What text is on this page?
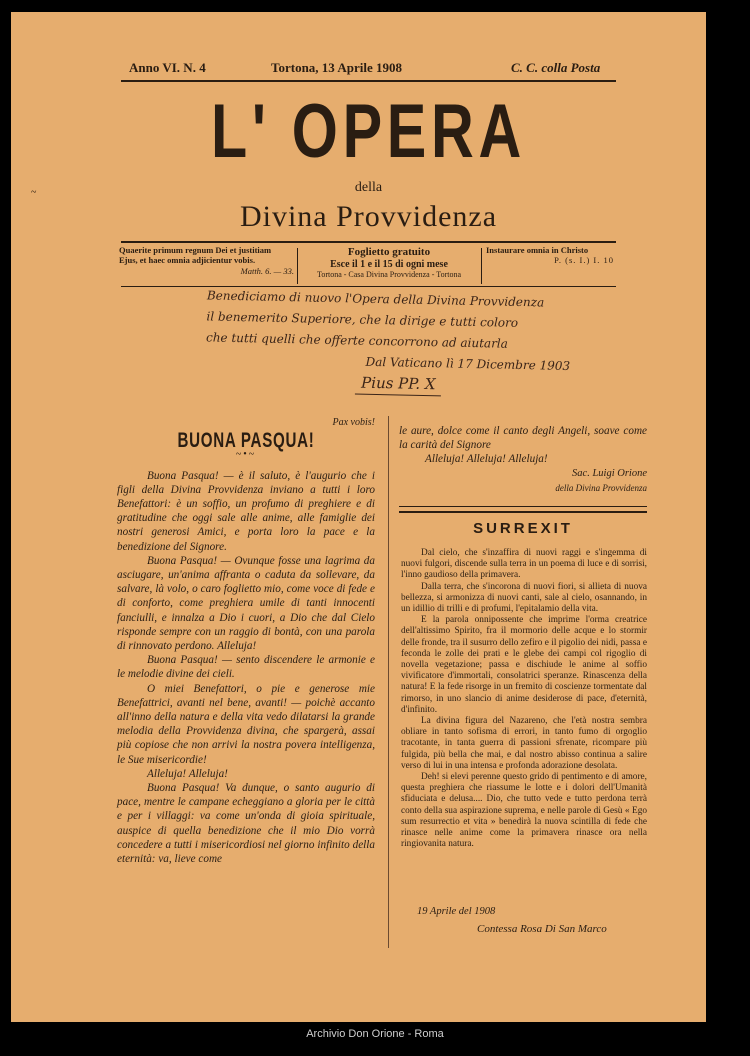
~
Anno VI. N. 4	Tortona, 13 Aprile 1908	C. C. colla Posta
L' OPERA
della
Divina Provvidenza
Quaerite primum regnum Dei et justitiam
Ejus, et haec omnia adjicientur vobis.
Matth. 6. — 33.
Foglietto gratuito
Esce il 1 e il 15 di ogni mese
Tortona - Casa Divina Provvidenza - Tortona
Instaurare omnia in Christo
P. (s. I.) I. 10
Benediciamo di nuovo l'Opera della Divina Provvidenza
il benemerito Superiore, che la dirige e tutti coloro
che tutti quelli che offerte concorrono ad aiutarla
Dal Vaticano lì 17 Dicembre 1903
Pius PP. X
Pax vobis!
BUONA PASQUA!
~•~

Buona Pasqua! — è il saluto, è l'augurio che i figli della Divina Provvidenza inviano a tutti i loro Benefattori: è un soffio, un profumo di preghiere e di gratitudine che oggi sale alle anime, alle famiglie dei nostri generosi Amici, e porta loro la pace e la benedizione del Signore.

Buona Pasqua! — Ovunque fosse una lagrima da asciugare, un'anima affranta o caduta da sollevare, da salvare, là volo, o caro foglietto mio, come voce di fede e di conforto, come preghiera umile di tanti innocenti fanciulli, e innalza a Dio i cuori, a Dio che dal Cielo risponde sempre con un raggio di bontà, con una parola di rinnovato perdono. Alleluja!

Buona Pasqua! — sento discendere le armonie e le melodie divine dei cieli.

O miei Benefattori, o pie e generose mie Benefattrici, avanti nel bene, avanti! — poichè accanto all'inno della natura e della vita vedo dilatarsi la grande melodia della Provvidenza divina, che spargerà, assai più copiose che non arrivi la nostra povera intelligenza, le Sue misericordie!

Alleluja! Alleluja!

Buona Pasqua! Va dunque, o santo augurio di pace, mentre le campane echeggiano a gloria per le città e per i villaggi: va come un'onda di gioia spirituale, auspice di quella benedizione che il mio Dio vorrà concedere a tutti i misericordiosi nel giorno infinito della eternità: va, lieve come

le aure, dolce come il canto degli Angeli, soave come la carità del Signore

Alleluja! Alleluja! Alleluja!
Sac. Luigi Orione
della Divina Provvidenza
SURREXIT

Dal cielo, che s'inzaffira di nuovi raggi e s'ingemma di nuovi fulgori, discende sulla terra in un poema di luce e di sorrisi, l'inno gaudioso della primavera.

Dalla terra, che s'incorona di nuovi fiori, si allieta di nuova bellezza, si armonizza di nuovi canti, sale al cielo, osannando, in un idillio di trilli e di profumi, l'epitalamio della vita.

E la parola onnipossente che imprime l'orma creatrice dell'altissimo Spirito, fra il mormorio delle acque e lo stormir delle fronde, tra il susurro dello zefiro e il pigolio dei nidi, passa e feconda le zolle dei prati e le glebe dei campi col rigoglio di novella vegetazione; passa e dischiude le anime al soffio vivificatore d'immortali, consolatrici speranze. Rinascenza della natura! E la fede risorge in un fremito di coscienze tormentate dal rimorso, in uno slancio di anime desiderose di pace, d'eternità, d'infinito.

La divina figura del Nazareno, che l'età nostra sembra obliare in tanto sofisma di errori, in tanto fumo di orgoglio tracotante, in tanta guerra di passioni sfrenate, ricompare più fulgida, più bella che mai, e dal nostro abisso continua a salire verso di lui in una intensa e profonda adorazione desolata.

Deh! si elevi perenne questo grido di pentimento e di amore, questa preghiera che riassume le lotte e i dolori dell'Umanità sfiduciata e delusa.... Dio, che tutto vede e tutto perdona terrà conto della sua aspirazione suprema, e nelle parole di Gesù « Ego sum resurrectio et vita » benedirà la nuova scintilla di fede che rinasce nelle anime come la primavera rinasce ora nella ringiovanita natura.

19 Aprile del 1908
Contessa Rosa Di San Marco
Archivio Don Orione - Roma
